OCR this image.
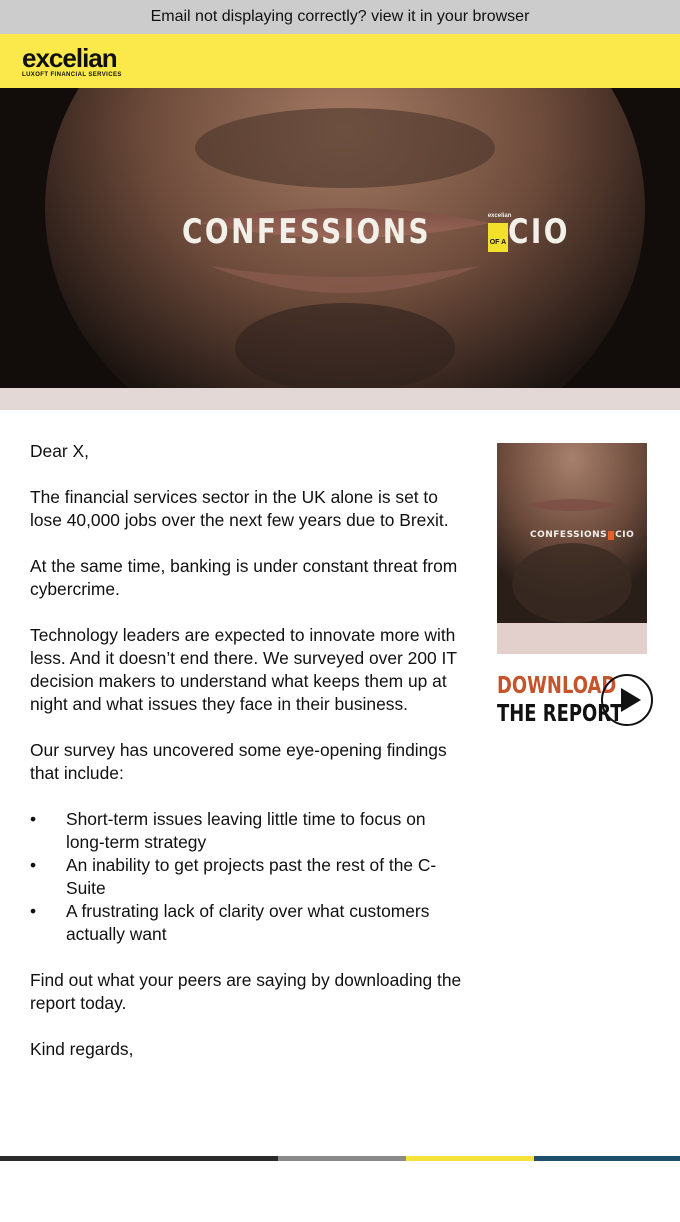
Email not displaying correctly? view it in your browser
excelian
LUXOFT FINANCIAL SERVICES
CONFESSIONS	excelian
OF A CIO

Dear X,

The financial services sector in the UK alone is set to lose 40,000 jobs over the next few years due to Brexit.

At the same time, banking is under constant threat from cybercrime.

Technology leaders are expected to innovate more with less. And it doesn’t end there. We surveyed over 200 IT decision makers to understand what keeps them up at night and what issues they face in their business.

Our survey has uncovered some eye-opening findings that include:

• Short-term issues leaving little time to focus on long-term strategy
• An inability to get projects past the rest of the C-Suite
• A frustrating lack of clarity over what customers actually want

Find out what your peers are saying by downloading the report today.

Kind regards,

CONFESSIONS CIO
DOWNLOAD
THE REPORT
